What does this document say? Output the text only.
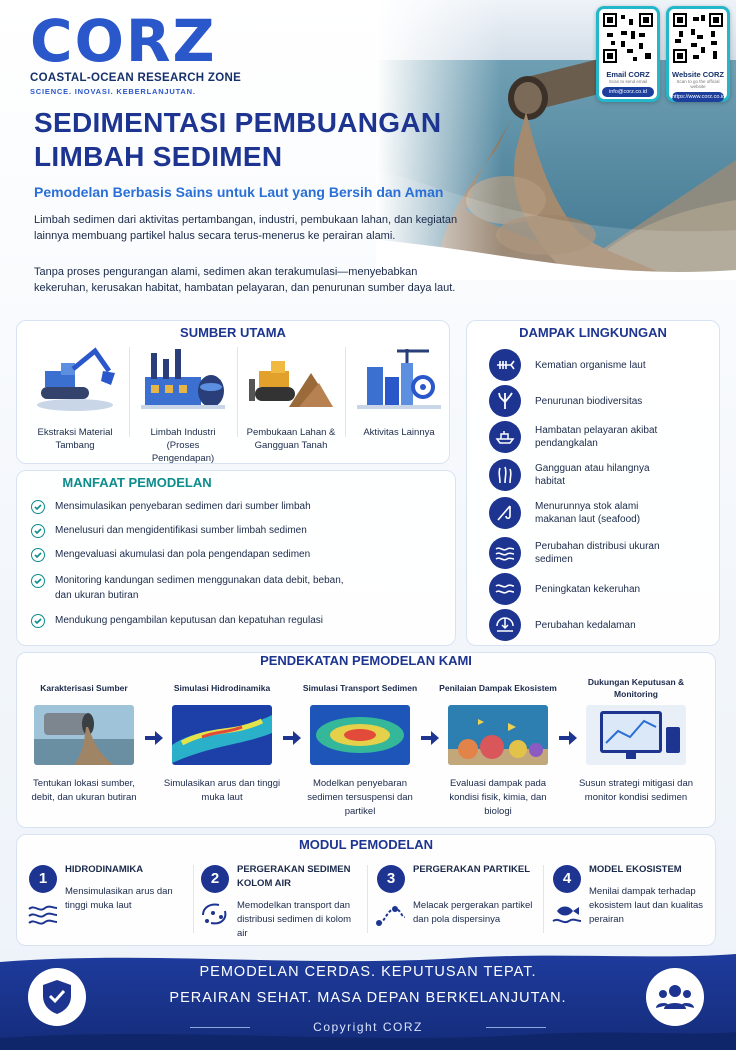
CORZ
COASTAL-OCEAN RESEARCH ZONE
SCIENCE. INOVASI. KEBERLANJUTAN.
Email CORZ
Scan to send email
info@corz.co.id
Website CORZ
Scan to go the official website
https://www.corz.co.id
SEDIMENTASI PEMBUANGAN
LIMBAH SEDIMEN
Pemodelan Berbasis Sains untuk Laut yang Bersih dan Aman
Limbah sedimen dari aktivitas pertambangan, industri, pembukaan lahan, dan kegiatan lainnya membuang partikel halus secara terus-menerus ke perairan alami.
Tanpa proses pengurangan alami, sedimen akan terakumulasi—menyebabkan kekeruhan, kerusakan habitat, hambatan pelayaran, dan penurunan sumber daya laut.
SUMBER UTAMA
Ekstraksi Material Tambang
Limbah Industri (Proses Pengendapan)
Pembukaan Lahan & Gangguan Tanah
Aktivitas Lainnya
DAMPAK LINGKUNGAN
Kematian organisme laut
Penurunan biodiversitas
Hambatan pelayaran akibat pendangkalan
Gangguan atau hilangnya habitat
Menurunnya stok alami makanan laut (seafood)
Perubahan distribusi ukuran sedimen
Peningkatan kekeruhan
Perubahan kedalaman
MANFAAT PEMODELAN
Mensimulasikan penyebaran sedimen dari sumber limbah
Menelusuri dan mengidentifikasi sumber limbah sedimen
Mengevaluasi akumulasi dan pola pengendapan sedimen
Monitoring kandungan sedimen menggunakan data debit, beban, dan ukuran butiran
Mendukung pengambilan keputusan dan kepatuhan regulasi
PENDEKATAN PEMODELAN KAMI
Karakterisasi Sumber
Tentukan lokasi sumber, debit, dan ukuran butiran
Simulasi Hidrodinamika
Simulasikan arus dan tinggi muka laut
Simulasi Transport Sedimen
Modelkan penyebaran sedimen tersuspensi dan partikel
Penilaian Dampak Ekosistem
Evaluasi dampak pada kondisi fisik, kimia, dan biologi
Dukungan Keputusan & Monitoring
Susun strategi mitigasi dan monitor kondisi sedimen
MODUL PEMODELAN
1
HIDRODINAMIKA
Mensimulasikan arus dan tinggi muka laut
2
PERGERAKAN SEDIMEN KOLOM AIR
Memodelkan transport dan distribusi sedimen di kolom air
3
PERGERAKAN PARTIKEL
Melacak pergerakan partikel dan pola dispersinya
4
MODEL EKOSISTEM
Menilai dampak terhadap ekosistem laut dan kualitas perairan
PEMODELAN CERDAS. KEPUTUSAN TEPAT.
PERAIRAN SEHAT. MASA DEPAN BERKELANJUTAN.
Copyright CORZ
